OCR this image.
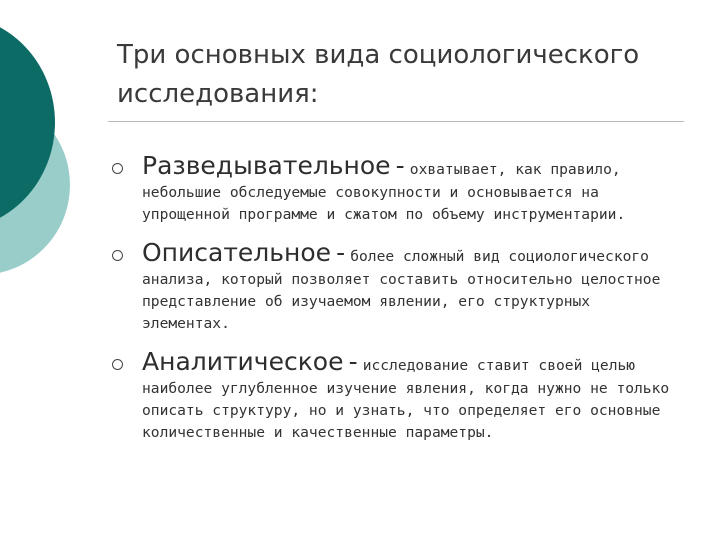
Три основных вида социологического исследования:
Разведывательное - охватывает, как правило, небольшие обследуемые совокупности и основывается на упрощенной программе и сжатом по объему инструментарии.
Описательное - более сложный вид социологического анализа, который позволяет составить относительно целостное представление об изучаемом явлении, его структурных элементах.
Аналитическое - исследование ставит своей целью наиболее углубленное изучение явления, когда нужно не только описать структуру, но и узнать, что определяет его основные количественные и качественные параметры.
